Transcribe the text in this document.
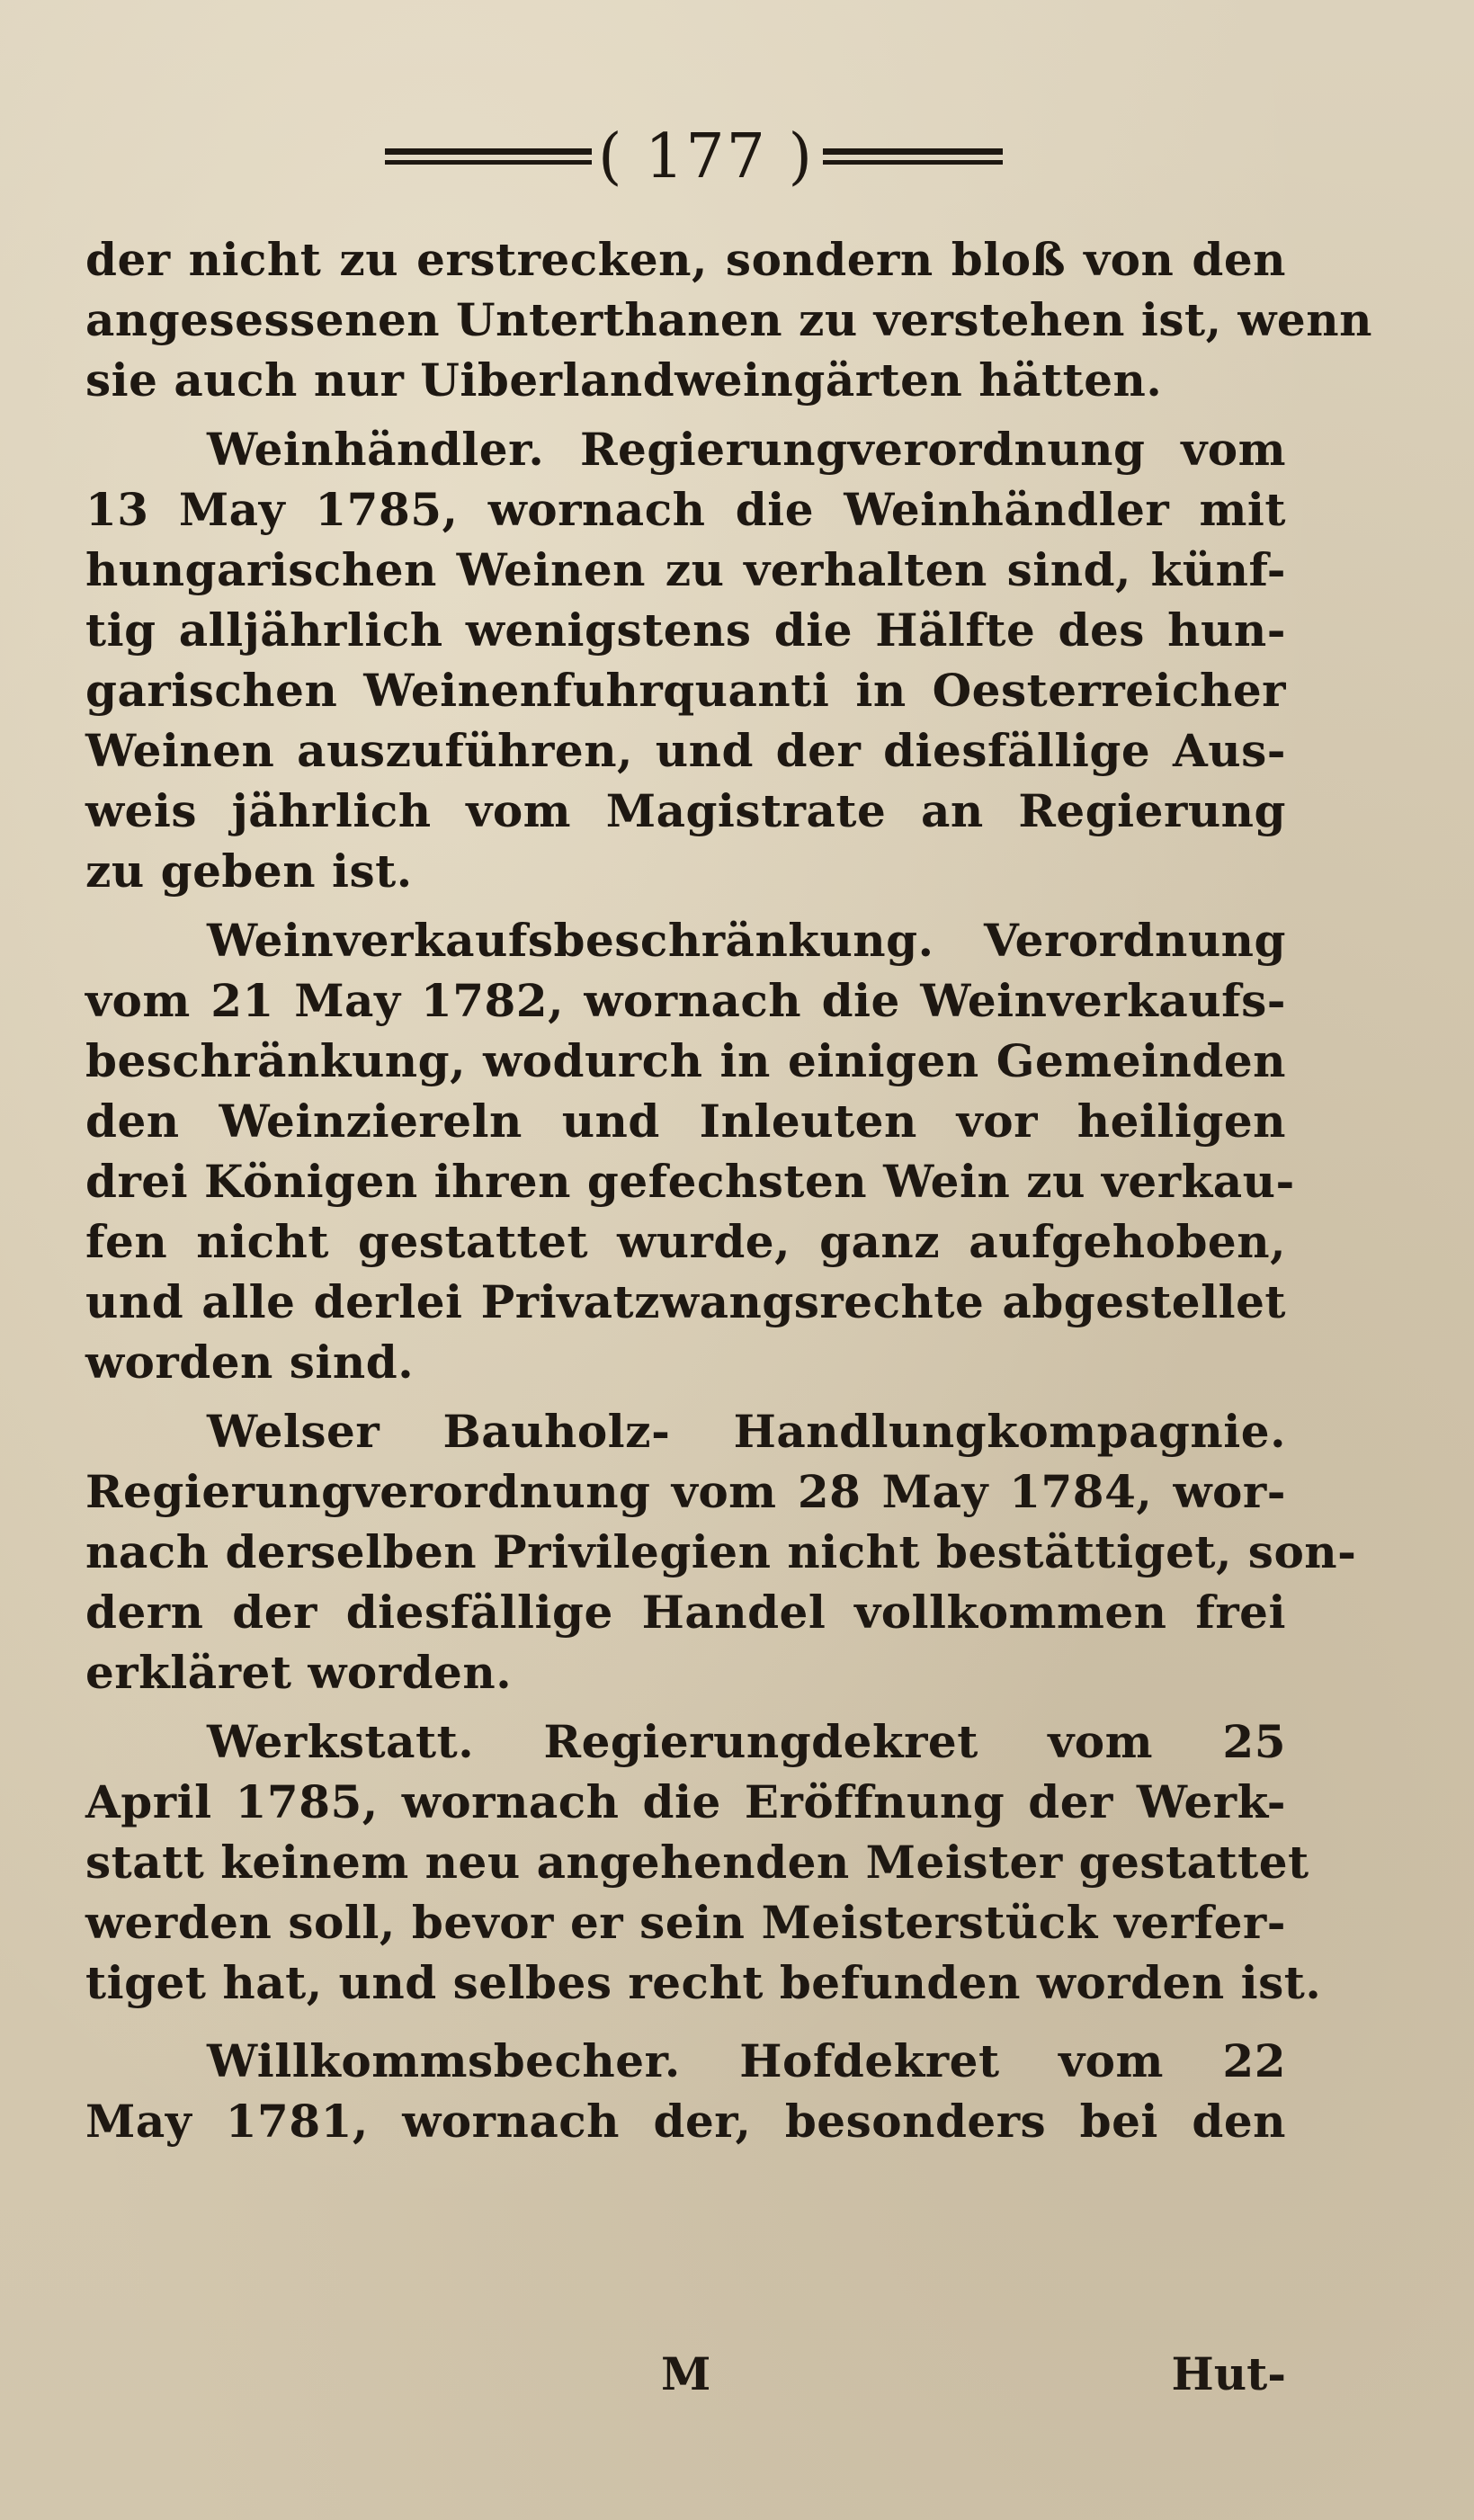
( 177 )
der nicht zu erstrecken, sondern bloß von den
angesessenen Unterthanen zu verstehen ist, wenn
sie auch nur Uiberlandweingärten hätten.
Weinhändler. Regierungverordnung vom
13 May 1785, wornach die Weinhändler mit
hungarischen Weinen zu verhalten sind, künf-
tig alljährlich wenigstens die Hälfte des hun-
garischen Weinenfuhrquanti in Oesterreicher
Weinen auszuführen, und der diesfällige Aus-
weis jährlich vom Magistrate an Regierung
zu geben ist.
Weinverkaufsbeschränkung. Verordnung
vom 21 May 1782, wornach die Weinverkaufs-
beschränkung, wodurch in einigen Gemeinden
den Weinziereln und Inleuten vor heiligen
drei Königen ihren gefechsten Wein zu verkau-
fen nicht gestattet wurde, ganz aufgehoben,
und alle derlei Privatzwangsrechte abgestellet
worden sind.
Welser Bauholz- Handlungkompagnie.
Regierungverordnung vom 28 May 1784, wor-
nach derselben Privilegien nicht bestättiget, son-
dern der diesfällige Handel vollkommen frei
erkläret worden.
Werkstatt. Regierungdekret vom 25
April 1785, wornach die Eröffnung der Werk-
statt keinem neu angehenden Meister gestattet
werden soll, bevor er sein Meisterstück verfer-
tiget hat, und selbes recht befunden worden ist.
Willkommsbecher. Hofdekret vom 22
May 1781, wornach der, besonders bei den
M	Hut-
